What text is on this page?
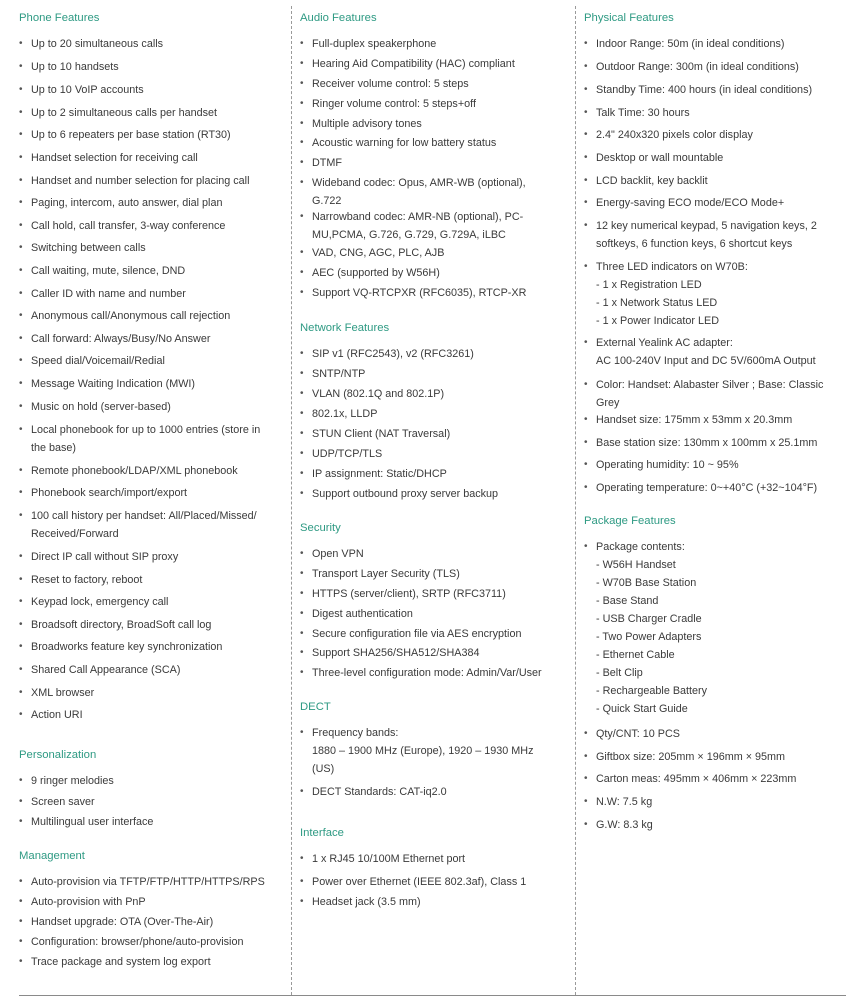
Phone Features
• Up to 20 simultaneous calls
• Up to 10 handsets
• Up to 10 VoIP accounts
• Up to 2 simultaneous calls per handset
• Up to 6 repeaters per base station (RT30)
• Handset selection for receiving call
• Handset and number selection for placing call
• Paging, intercom, auto answer, dial plan
• Call hold, call transfer, 3-way conference
• Switching between calls
• Call waiting, mute, silence, DND
• Caller ID with name and number
• Anonymous call/Anonymous call rejection
• Call forward: Always/Busy/No Answer
• Speed dial/Voicemail/Redial
• Message Waiting Indication (MWI)
• Music on hold (server-based)
• Local phonebook for up to 1000 entries (store in
the base)
• Remote phonebook/LDAP/XML phonebook
• Phonebook search/import/export
• 100 call history per handset: All/Placed/Missed/
Received/Forward
• Direct IP call without SIP proxy
• Reset to factory, reboot
• Keypad lock, emergency call
• Broadsoft directory, BroadSoft call log
• Broadworks feature key synchronization
• Shared Call Appearance (SCA)
• XML browser
• Action URI
Personalization
• 9 ringer melodies
• Screen saver
• Multilingual user interface
Management
• Auto-provision via TFTP/FTP/HTTP/HTTPS/RPS
• Auto-provision with PnP
• Handset upgrade: OTA (Over-The-Air)
• Configuration: browser/phone/auto-provision
• Trace package and system log export
Audio Features
• Full-duplex speakerphone
• Hearing Aid Compatibility (HAC) compliant
• Receiver volume control: 5 steps
• Ringer volume control: 5 steps+off
• Multiple advisory tones
• Acoustic warning for low battery status
• DTMF
• Wideband codec: Opus, AMR-WB (optional),
G.722
• Narrowband codec: AMR-NB (optional), PC-
MU,PCMA, G.726, G.729, G.729A, iLBC
• VAD, CNG, AGC, PLC, AJB
• AEC (supported by W56H)
• Support VQ-RTCPXR (RFC6035), RTCP-XR
Network Features
• SIP v1 (RFC2543), v2 (RFC3261)
• SNTP/NTP
• VLAN (802.1Q and 802.1P)
• 802.1x, LLDP
• STUN Client (NAT Traversal)
• UDP/TCP/TLS
• IP assignment: Static/DHCP
• Support outbound proxy server backup
Security
• Open VPN
• Transport Layer Security (TLS)
• HTTPS (server/client), SRTP (RFC3711)
• Digest authentication
• Secure configuration file via AES encryption
• Support SHA256/SHA512/SHA384
• Three-level configuration mode: Admin/Var/User
DECT
• Frequency bands:
1880 – 1900 MHz (Europe), 1920 – 1930 MHz
(US)
• DECT Standards: CAT-iq2.0
Interface
• 1 x RJ45 10/100M Ethernet port
• Power over Ethernet (IEEE 802.3af), Class 1
• Headset jack (3.5 mm)
Physical Features
• Indoor Range: 50m (in ideal conditions)
• Outdoor Range: 300m (in ideal conditions)
• Standby Time: 400 hours (in ideal conditions)
• Talk Time: 30 hours
• 2.4" 240x320 pixels color display
• Desktop or wall mountable
• LCD backlit, key backlit
• Energy-saving ECO mode/ECO Mode+
• 12 key numerical keypad, 5 navigation keys, 2
softkeys, 6 function keys, 6 shortcut keys
• Three LED indicators on W70B:
- 1 x Registration LED
- 1 x Network Status LED
- 1 x Power Indicator LED
• External Yealink AC adapter:
AC 100-240V Input and DC 5V/600mA Output
• Color: Handset: Alabaster Silver ; Base: Classic
Grey
• Handset size: 175mm x 53mm x 20.3mm
• Base station size: 130mm x 100mm x 25.1mm
• Operating humidity: 10 ~ 95%
• Operating temperature: 0~+40°C (+32~104°F)
Package Features
• Package contents:
- W56H Handset
- W70B Base Station
- Base Stand
- USB Charger Cradle
- Two Power Adapters
- Ethernet Cable
- Belt Clip
- Rechargeable Battery
- Quick Start Guide
• Qty/CNT: 10 PCS
• Giftbox size: 205mm × 196mm × 95mm
• Carton meas: 495mm × 406mm × 223mm
• N.W: 7.5 kg
• G.W: 8.3 kg
